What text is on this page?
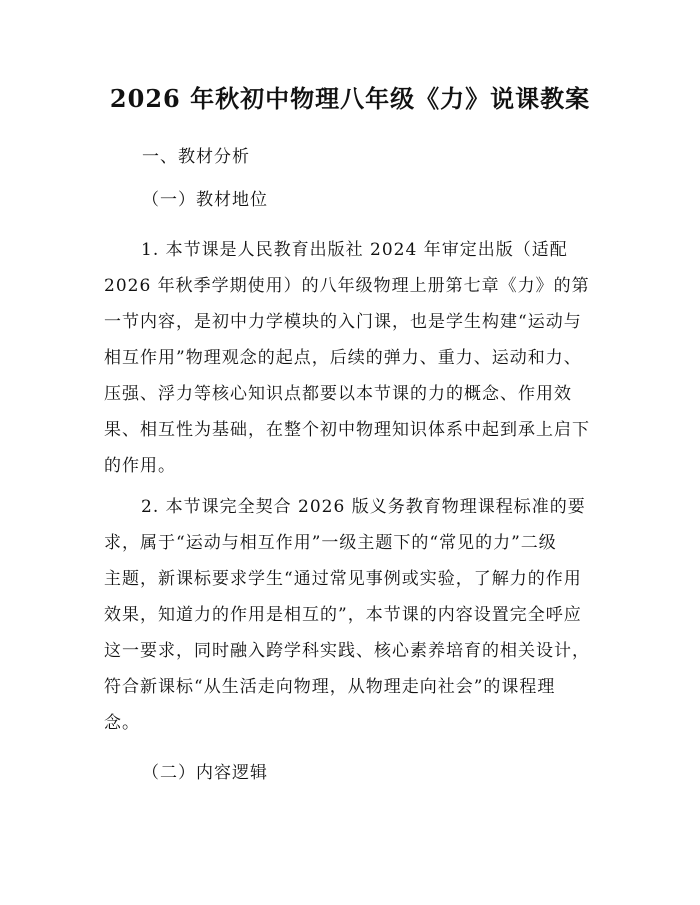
2026 年秋初中物理八年级《力》说课教案
一、教材分析
（一）教材地位
1. 本节课是人民教育出版社 2024 年审定出版（适配
2026 年秋季学期使用）的八年级物理上册第七章《力》的第
一节内容，是初中力学模块的入门课，也是学生构建“运动与
相互作用”物理观念的起点，后续的弹力、重力、运动和力、
压强、浮力等核心知识点都要以本节课的力的概念、作用效
果、相互性为基础，在整个初中物理知识体系中起到承上启下
的作用。
2. 本节课完全契合 2026 版义务教育物理课程标准的要
求，属于“运动与相互作用”一级主题下的“常见的力”二级
主题，新课标要求学生“通过常见事例或实验，了解力的作用
效果，知道力的作用是相互的”，本节课的内容设置完全呼应
这一要求，同时融入跨学科实践、核心素养培育的相关设计，
符合新课标“从生活走向物理，从物理走向社会”的课程理
念。
（二）内容逻辑
